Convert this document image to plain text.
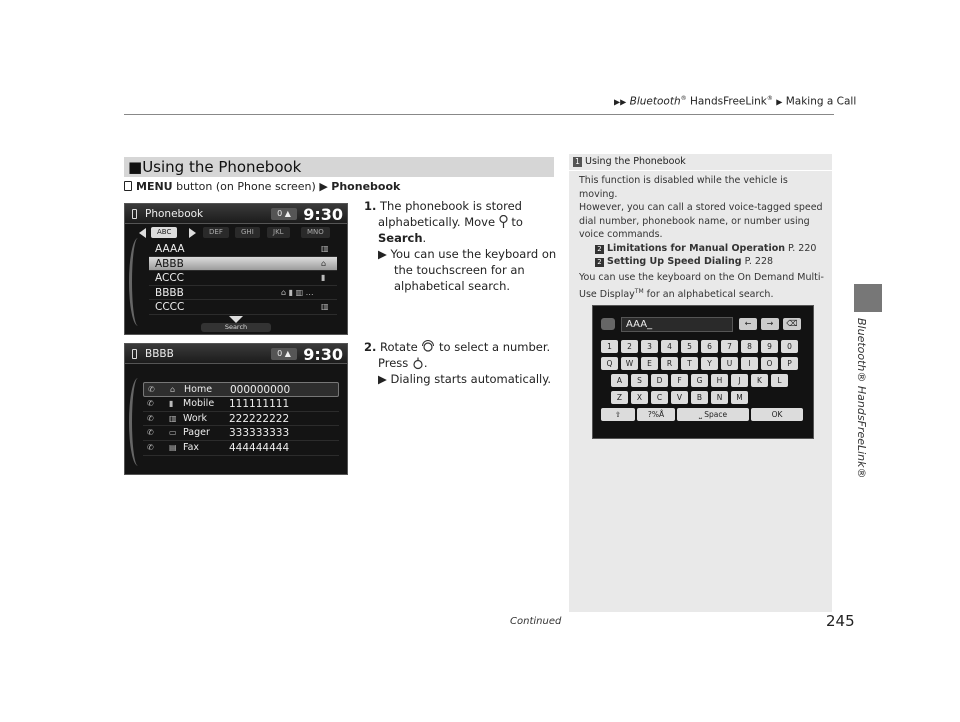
▶▶ Bluetooth® HandsFreeLink® ▶ Making a Call
Bluetooth® HandsFreeLink®
■Using the Phonebook
MENU button (on Phone screen) ▶ Phonebook
1. The phonebook is stored
alphabetically. Move  to Search.
▶ You can use the keyboard on
the touchscreen for an
alphabetical search.
2. Rotate  to select a number.
Press .
▶ Dialing starts automatically.
Phonebook	0 ▲ 9:30
ABC	DEF	GHI	JKL	MNO
AAAA	▥
ABBB	⌂
ACCC	▮
BBBB	⌂ ▮ ▥ …
CCCC	▥
Search
BBBB	0 ▲ 9:30
✆ ⌂ Home 000000000
✆ ▮ Mobile 111111111
✆ ▥ Work 222222222
✆ ▭ Pager 333333333
✆ ▤ Fax	444444444
1 Using the Phonebook
This function is disabled while the vehicle is moving.
However, you can call a stored voice-tagged speed
dial number, phonebook name, or number using
voice commands.
2 Limitations for Manual Operation P. 220
2 Setting Up Speed Dialing P. 228
You can use the keyboard on the On Demand Multi-
Use Display™ for an alphabetical search.
AAA_	←	→	⌫
1	2	3	4	5	6	7	8	9	0
Q	W	E	R	T	Y	U	I	O	P
A	S	D	F	G	H	J	K	L
Z	X	C	V	B	N	M
⇧	?%Å	⎵ Space	OK
Continued	245
